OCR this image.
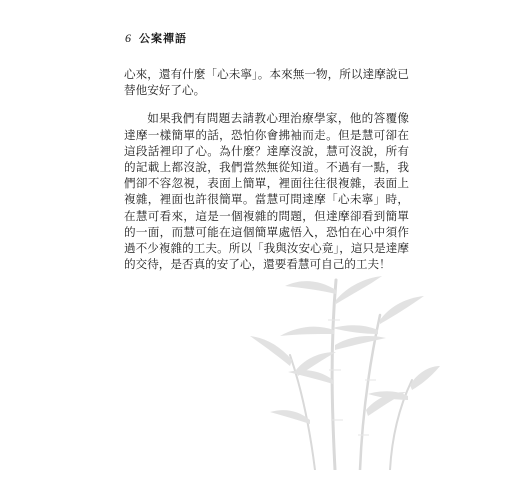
6 公案禪語

心來，還有什麼「心未寧」。本來無一物，所以達摩說已替他安好了心。

如果我們有問題去請教心理治療學家，他的答覆像達摩一樣簡單的話，恐怕你會拂袖而走。但是慧可卻在這段話裡印了心。為什麼？達摩沒說，慧可沒說，所有的記載上都沒說，我們當然無從知道。不過有一點，我們卻不容忽視，表面上簡單，裡面往往很複雜，表面上複雜，裡面也許很簡單。當慧可問達摩「心未寧」時，在慧可看來，這是一個複雜的問題，但達摩卻看到簡單的一面，而慧可能在這個簡單處悟入，恐怕在心中須作過不少複雜的工夫。所以「我與汝安心竟」，這只是達摩的交待，是否真的安了心，還要看慧可自己的工夫！
